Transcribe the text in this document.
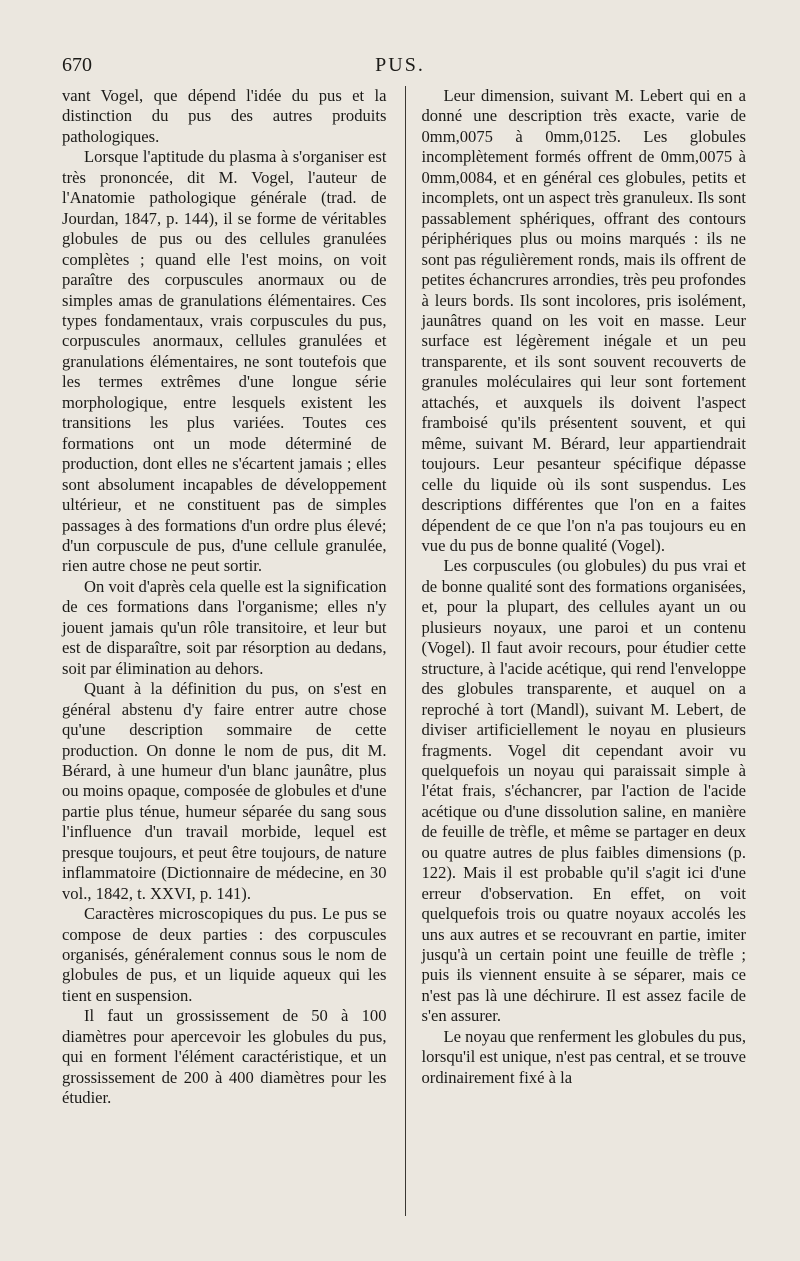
670	PUS.

vant Vogel, que dépend l'idée du pus et la distinction du pus des autres produits pathologiques.

Lorsque l'aptitude du plasma à s'organiser est très prononcée, dit M. Vogel, l'auteur de l'Anatomie pathologique générale (trad. de Jourdan, 1847, p. 144), il se forme de véritables globules de pus ou des cellules granulées complètes ; quand elle l'est moins, on voit paraître des corpuscules anormaux ou de simples amas de granulations élémentaires. Ces types fondamentaux, vrais corpuscules du pus, corpuscules anormaux, cellules granulées et granulations élémentaires, ne sont toutefois que les termes extrêmes d'une longue série morphologique, entre lesquels existent les transitions les plus variées. Toutes ces formations ont un mode déterminé de production, dont elles ne s'écartent jamais ; elles sont absolument incapables de développement ultérieur, et ne constituent pas de simples passages à des formations d'un ordre plus élevé; d'un corpuscule de pus, d'une cellule granulée, rien autre chose ne peut sortir.

On voit d'après cela quelle est la signification de ces formations dans l'organisme; elles n'y jouent jamais qu'un rôle transitoire, et leur but est de disparaître, soit par résorption au dedans, soit par élimination au dehors.

Quant à la définition du pus, on s'est en général abstenu d'y faire entrer autre chose qu'une description sommaire de cette production. On donne le nom de pus, dit M. Bérard, à une humeur d'un blanc jaunâtre, plus ou moins opaque, composée de globules et d'une partie plus ténue, humeur séparée du sang sous l'influence d'un travail morbide, lequel est presque toujours, et peut être toujours, de nature inflammatoire (Dictionnaire de médecine, en 30 vol., 1842, t. XXVI, p. 141).

Caractères microscopiques du pus. Le pus se compose de deux parties : des corpuscules organisés, généralement connus sous le nom de globules de pus, et un liquide aqueux qui les tient en suspension.

Il faut un grossissement de 50 à 100 diamètres pour apercevoir les globules du pus, qui en forment l'élément caractéristique, et un grossissement de 200 à 400 diamètres pour les étudier.

Leur dimension, suivant M. Lebert qui en a donné une description très exacte, varie de 0mm,0075 à 0mm,0125. Les globules incomplètement formés offrent de 0mm,0075 à 0mm,0084, et en général ces globules, petits et incomplets, ont un aspect très granuleux. Ils sont passablement sphériques, offrant des contours périphériques plus ou moins marqués : ils ne sont pas régulièrement ronds, mais ils offrent de petites échancrures arrondies, très peu profondes à leurs bords. Ils sont incolores, pris isolément, jaunâtres quand on les voit en masse. Leur surface est légèrement inégale et un peu transparente, et ils sont souvent recouverts de granules moléculaires qui leur sont fortement attachés, et auxquels ils doivent l'aspect framboisé qu'ils présentent souvent, et qui même, suivant M. Bérard, leur appartiendrait toujours. Leur pesanteur spécifique dépasse celle du liquide où ils sont suspendus. Les descriptions différentes que l'on en a faites dépendent de ce que l'on n'a pas toujours eu en vue du pus de bonne qualité (Vogel).

Les corpuscules (ou globules) du pus vrai et de bonne qualité sont des formations organisées, et, pour la plupart, des cellules ayant un ou plusieurs noyaux, une paroi et un contenu (Vogel). Il faut avoir recours, pour étudier cette structure, à l'acide acétique, qui rend l'enveloppe des globules transparente, et auquel on a reproché à tort (Mandl), suivant M. Lebert, de diviser artificiellement le noyau en plusieurs fragments. Vogel dit cependant avoir vu quelquefois un noyau qui paraissait simple à l'état frais, s'échancrer, par l'action de l'acide acétique ou d'une dissolution saline, en manière de feuille de trèfle, et même se partager en deux ou quatre autres de plus faibles dimensions (p. 122). Mais il est probable qu'il s'agit ici d'une erreur d'observation. En effet, on voit quelquefois trois ou quatre noyaux accolés les uns aux autres et se recouvrant en partie, imiter jusqu'à un certain point une feuille de trèfle ; puis ils viennent ensuite à se séparer, mais ce n'est pas là une déchirure. Il est assez facile de s'en assurer.

Le noyau que renferment les globules du pus, lorsqu'il est unique, n'est pas central, et se trouve ordinairement fixé à la
